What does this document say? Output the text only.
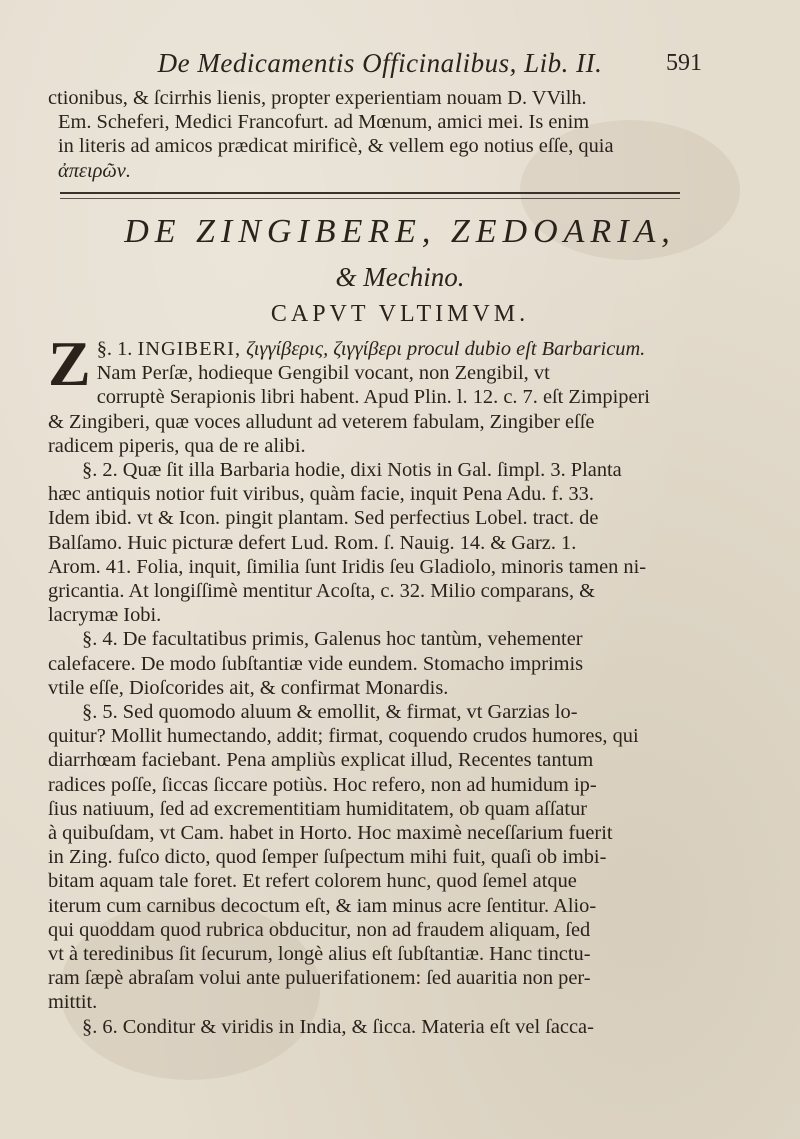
De Medicamentis Officinalibus, Lib. II.	591

ctionibus, & ſcirrhis lienis, propter experientiam nouam D. VVilh.

Em. Scheferi, Medici Francofurt. ad Mœnum, amici mei. Is enim

in literis ad amicos prædicat mirificè, & vellem ego notius eſſe, quia

ἀπειρῶν.

DE ZINGIBERE, ZEDOARIA,
& Mechino.
CAPVT VLTIMVM.

§. 1.
Z INGIBERI, ζιγγίβερις, ζιγγίβερι procul dubio eſt Barbaricum.

Nam Perſæ, hodieque Gengibil vocant, non Zengibil, vt

corruptè Serapionis libri habent. Apud Plin. l. 12. c. 7. eſt Zimpiperi

& Zingiberi, quæ voces alludunt ad veterem fabulam, Zingiber eſſe

radicem piperis, qua de re alibi.

§. 2. Quæ ſit illa Barbaria hodie, dixi Notis in Gal. ſimpl. 3. Planta

hæc antiquis notior fuit viribus, quàm facie, inquit Pena Adu. f. 33.

Idem ibid. vt & Icon. pingit plantam. Sed perfectius Lobel. tract. de

Balſamo. Huic picturæ defert Lud. Rom. ſ. Nauig. 14. & Garz. 1.

Arom. 41. Folia, inquit, ſimilia ſunt Iridis ſeu Gladiolo, minoris tamen ni-

gricantia. At longiſſimè mentitur Acoſta, c. 32. Milio comparans, &

lacrymæ Iobi.

§. 4. De facultatibus primis, Galenus hoc tantùm, vehementer

calefacere. De modo ſubſtantiæ vide eundem. Stomacho imprimis

vtile eſſe, Dioſcorides ait, & confirmat Monardis.

§. 5. Sed quomodo aluum & emollit, & firmat, vt Garzias lo-

quitur? Mollit humectando, addit; firmat, coquendo crudos humores, qui

diarrhœam faciebant. Pena ampliùs explicat illud, Recentes tantum

radices poſſe, ſiccas ſiccare potiùs. Hoc refero, non ad humidum ip-

ſius natiuum, ſed ad excrementitiam humiditatem, ob quam aſſatur

à quibuſdam, vt Cam. habet in Horto. Hoc maximè neceſſarium fuerit

in Zing. fuſco dicto, quod ſemper ſuſpectum mihi fuit, quaſi ob imbi-

bitam aquam tale foret. Et refert colorem hunc, quod ſemel atque

iterum cum carnibus decoctum eſt, & iam minus acre ſentitur. Alio-

qui quoddam quod rubrica obducitur, non ad fraudem aliquam, ſed

vt à teredinibus ſit ſecurum, longè alius eſt ſubſtantiæ. Hanc tinctu-

ram ſæpè abraſam volui ante puluerifationem: ſed auaritia non per-

mittit.

§. 6. Conditur & viridis in India, & ſicca. Materia eſt vel ſacca-
